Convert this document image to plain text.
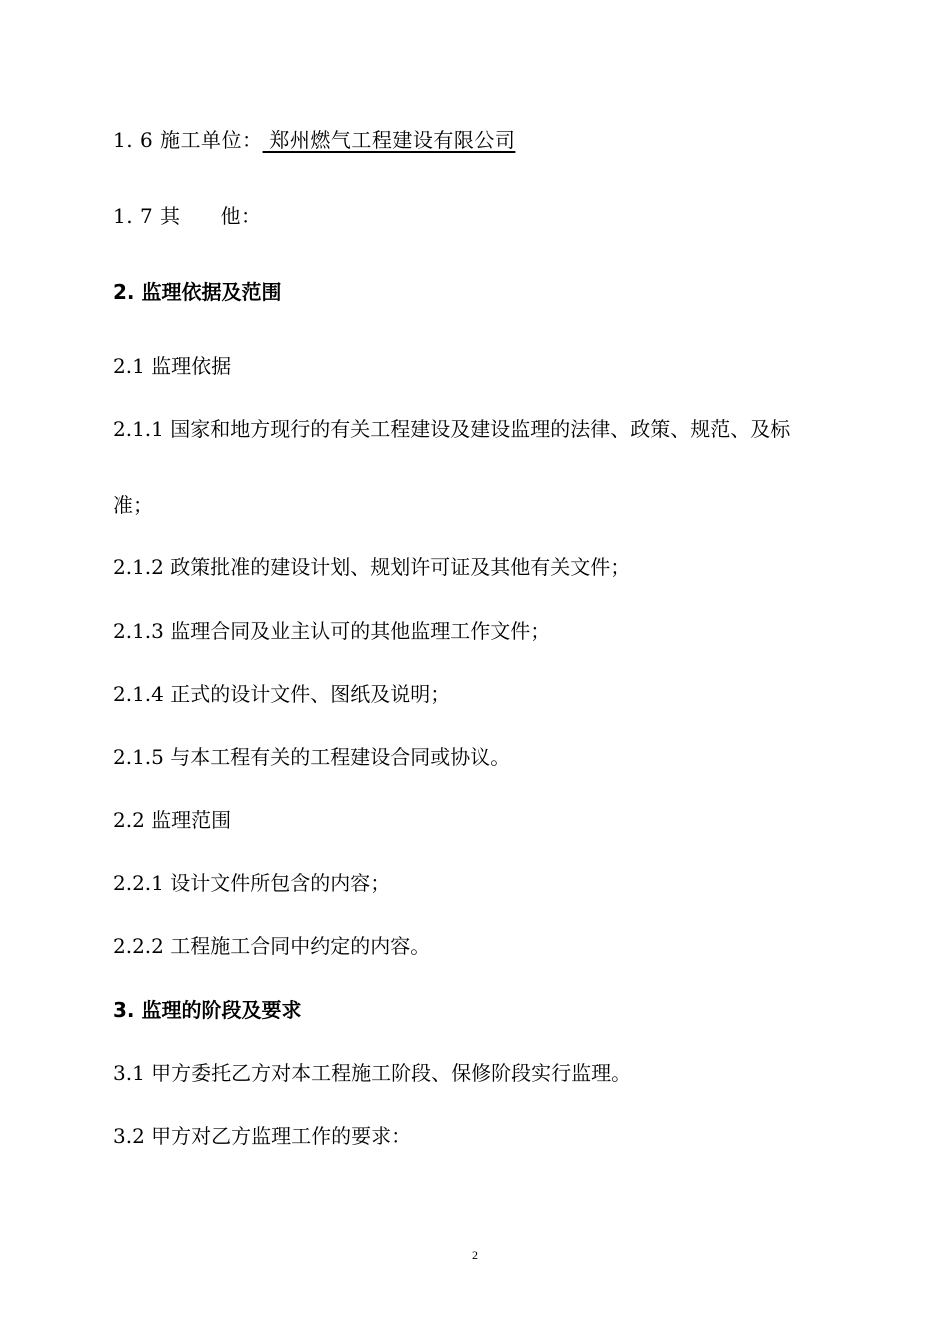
1. 6 施工单位： 郑州燃气工程建设有限公司
1. 7 其 他：
2. 监理依据及范围
2.1 监理依据
2.1.1 国家和地方现行的有关工程建设及建设监理的法律、政策、规范、及标
准；
2.1.2 政策批准的建设计划、规划许可证及其他有关文件；
2.1.3 监理合同及业主认可的其他监理工作文件；
2.1.4 正式的设计文件、图纸及说明；
2.1.5 与本工程有关的工程建设合同或协议。
2.2 监理范围
2.2.1 设计文件所包含的内容；
2.2.2 工程施工合同中约定的内容。
3. 监理的阶段及要求
3.1 甲方委托乙方对本工程施工阶段、保修阶段实行监理。
3.2 甲方对乙方监理工作的要求：
2
